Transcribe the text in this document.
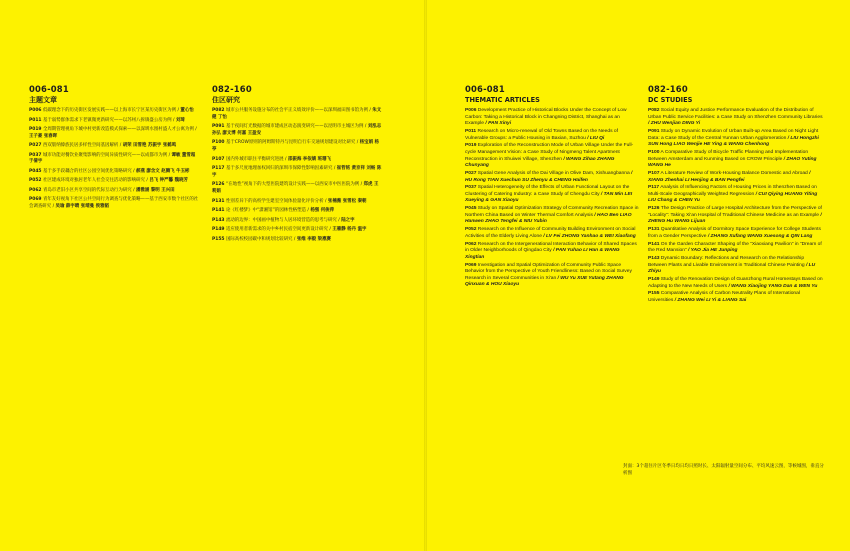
006-081

主题文章

P006 低碳理念下的历史街区发展实践——以上海市长宁区某历史街区为例 / 董心怡

P011 基于弱势群体需求下老镇微更新研究——以苏州八拆镇盛公房为例 / 刘琦

P019 全周期管理视角下城中村更新改造模式探索——以深圳水围村盛人才公寓为例 / 王子豪 张春晖

P027 西双版纳傣族民居多样性空间基因解析 / 胡荣 田雪艳 苏振宇 张鹤鸣

P037 城市功能对餐饮业聚集影响的空间异质性研究——以成都市为例 / 谭敏 董雪超 于倩宇

P045 基于多手段耦合的社区公园空间优化策略研究 / 郝燕 廖含文 赵腾飞 牛玉彬

P052 社区建成环境对独居老年人社会交往活动的影响研究 / 吕飞 钟严馨 魏晓芳

P062 青岛市老旧小区共享空间的代际互动行为研究 / 潘雅涵 黎明 王兴田

P069 青年友好视角下社区公共空间行为调查与优化策略——基于西安市数个社区的社会调查研究 / 吴瑜 薛宇晴 张靖曼 侯雅韬

082-160

住区研究

P082 城市公共服务设施分布的社会平正义绩效评价——以深圳福田图书馆为例 / 朱文健 丁怡

P091 基于夜间灯光数据的城市建成区动态演变研究——以昆明市主城区为例 / 刘泓志 孙弘 廖文博 何嘉 王盈安

P100 基于CROW原则的阿姆斯特丹与昆明自行车交通规划建设对比研究 / 杨宝娟 杨亭

P107 国内外城市职住平衡研究进展 / 邵振海 李依婧 班珊飞

P117 基于多尺度地理加权回归的深圳市保障性影响因素研究 / 崔哲铭 黄京祥 刘畅 陈宇

P126 “在地性”视角下的大型医院建筑设计实践——以西安市中医医院为例 / 郑虎 王莉娟

P131 性别差异下的高校学生建室空间体验量化评价分析 / 张楠薇 张雪松 秦朝

P141 论《红楼梦》中“潇湘馆”的园林性格塑造 / 杨强 何俊萍

P143 流动的边界：中国画中植物与人居环境营造的思考与研究 / 陆之宇

P149 适应使用者新需求的关中乡村民宿空间更新设计研究 / 王雁静 杨丹 温宇

P155 国际高校校园碳中和规划比较研究 / 张维 李毅 梁惠赛

006-081

THEMATIC ARTICLES

P006 Development Practice of Historical Blocks Under the Concept of Low Carbon: Taking a Historical Block in Changning District, Shanghai as an Example / PAN Xinyi

P011 Research on Micro-renewal of Old Towns Based on the Needs of Vulnerable Groups: a Public Housing in Baxian, Suzhou / LIU Qi

P019 Exploration of the Reconstruction Mode of Urban Village Under the Full-cycle Management Vision: a Case Study of Ningmeng Talent Apartment Reconstruction in Shuiwei Village, Shenzhen / WANG Zihao ZHANG Chunyang

P027 Spatial Gene Analysis of the Dai Village in Olive Dam, Xishuangbanna / HU Rong TIAN Xuechun SU Zhenyu & CHENG Haifen

P037 Spatial Heterogeneity of the Effects of Urban Functional Layout on the Clustering of Catering Industry: a Case Study of Chengdu City / TAN Min LEI Xueying & GAN Xiaoyu

P045 Study on Spatial Optimization Strategy of Community Recreation Space in Northern China Based on Winter Thermal Comfort Analysis / HAO Ben LIAO Hanwen ZHAO Tengfei & NIU Yubin

P052 Research on the Influence of Community Building Environment on Social Activities of the Elderly Living Alone / LV Fei ZHONG Yanhao & WEI Xiaofang

P062 Research on the Intergenerational Interaction Behavior of Shared Spaces in Older Neighborhoods of Qingdao City / PAN Yuhao LI Han & WANG Xingtian

P069 Investigation and Spatial Optimization of Community Public Space Behavior from the Perspective of Youth Friendliness: Based on Social Survey Research in Several Communities in Xi'an / WU Yu XUE Yutang ZHANG Qinxuan & HOU Xiaoyu

082-160

DC STUDIES

P082 Social Equity and Justice Performance Evaluation of the Distribution of Urban Public Service Facilities: a Case Study on Shenzhen Community Libraries / ZHU Wenjian DING Yi

P091 Study on Dynamic Evolution of Urban Built-up Area Based on Night Light Data: a Case Study of the Central Yunnan Urban Agglomeration / LIU Hongzhi SUN Hong LIAO Wenjie HE Ying & WANG Chenhong

P100 A Comparative Study of Bicycle Traffic Planning and Implementation Between Amsterdam and Kunming Based on CROW Principle / ZHAO Yuting WANG He

P107 A Literature Review of Work-Housing Balance Domestic and Abroad / XIANG Zhenhai LI Henjing & BAN Pengfei

P117 Analysis of Influencing Factors of Housing Prices in Shenzhen Based on Multi-Scale Geographically Weighted Regression / CUI Qiying HUANG Yiting LIU Chang & CHEN Yu

P126 The Design Practice of Large Hospital Architecture from the Perspective of “Locality”: Taking Xi'an Hospital of Traditional Chinese Medicine as an Example / ZHENG Hu WANG Lijuan

P131 Quantitative Analysis of Dormitory Space Experience for College Students from a Gender Perspective / ZHANG Xufang WANG Xuesong & QIN Lang

P141 On the Garden Character Shaping of the “Xiaoxiang Pavilion” in “Dream of the Red Mansion” / YAO Jia HE Junping

P143 Dynamic Boundary: Reflections and Research on the Relationship Between Plants and Livable Environment in Traditional Chinese Painting / LU Zhiyu

P149 Study of the Renovation Design of Guanzhong Rural Homestays Based on Adapting to the New Needs of Users / WANG Xiaojing YANG Dan & WEN Yu

P155 Comparative Analysis of Carbon Neutrality Plans of International Universities / ZHANG Wei LI Yi & LIANG Sai

封面：3个超住片区冬季日均日均日照时长、太阳辐射量空间分布、平均风速云图，等候城图，垂直分析图
